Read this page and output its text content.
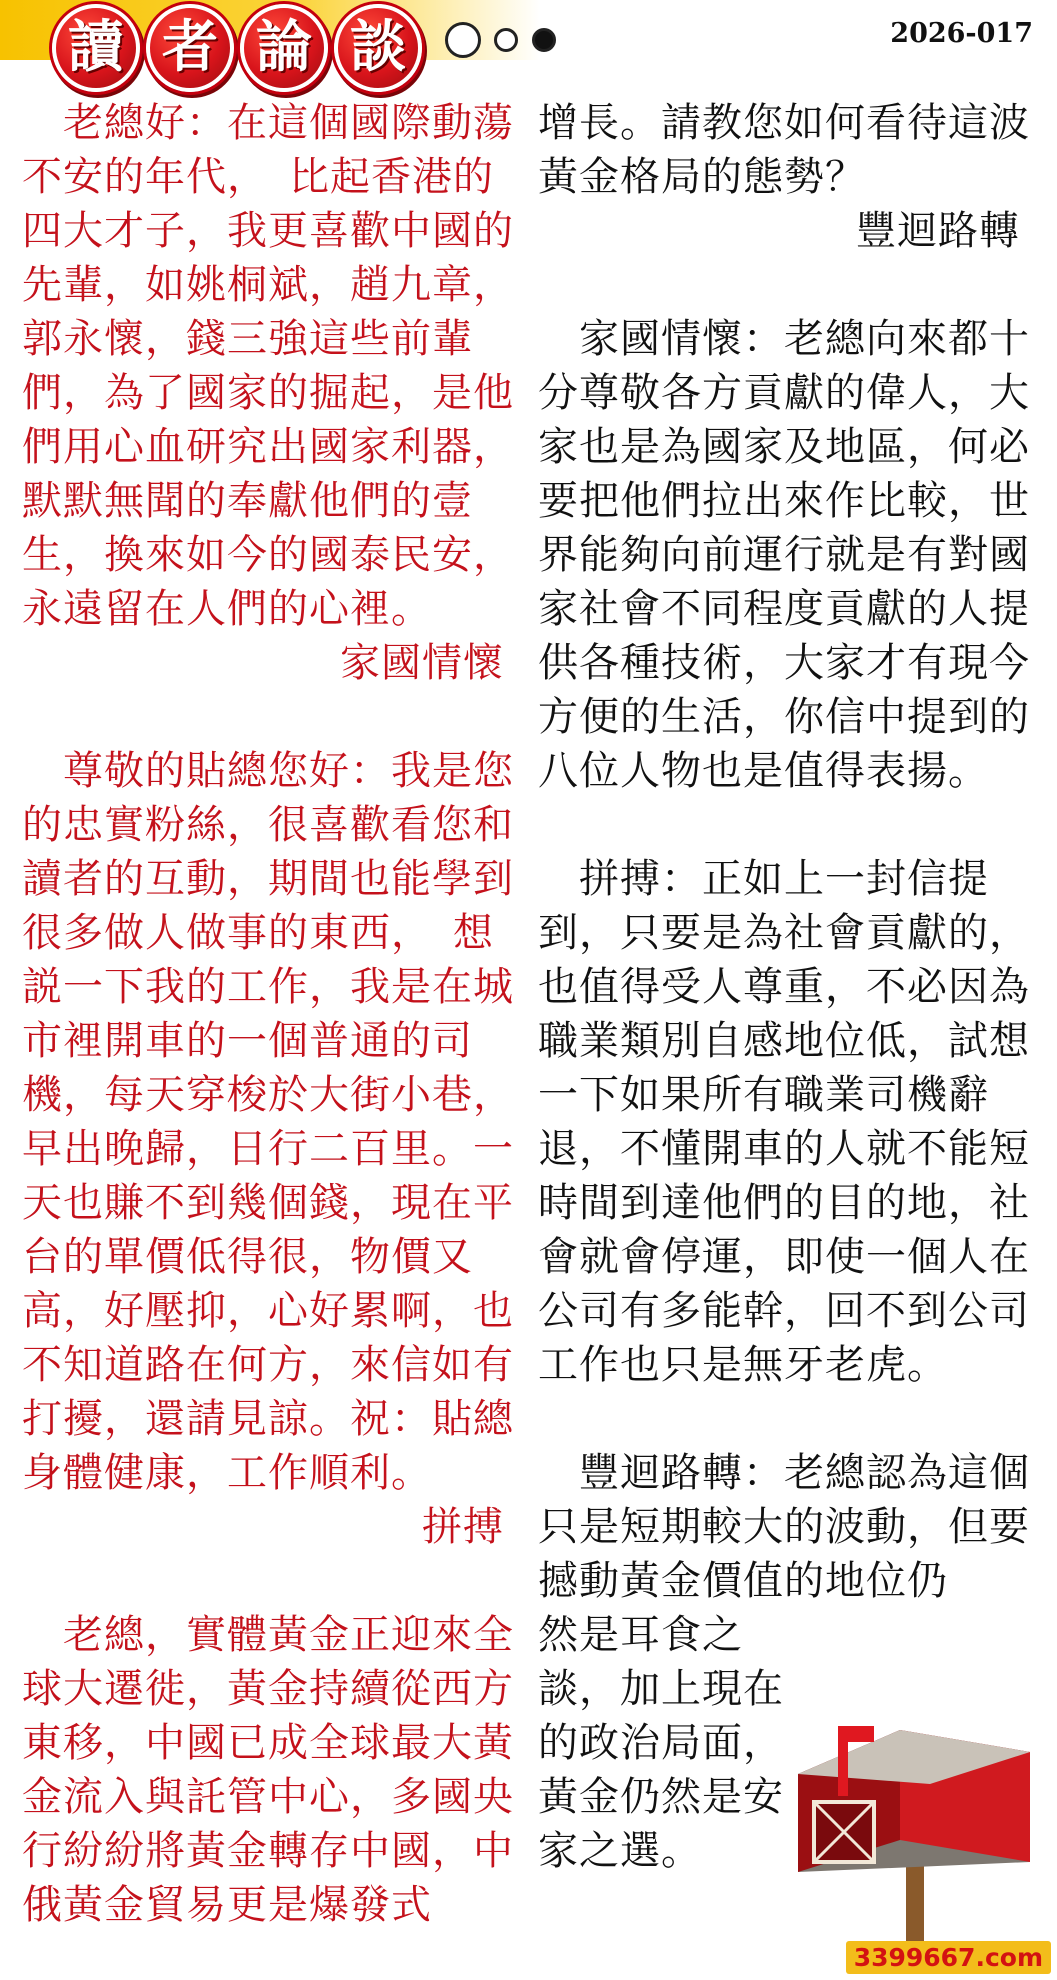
讀 者 論 談	2026-017

　老總好：在這個國際動蕩不安的年代，　比起香港的四大才子，我更喜歡中國的先輩，如姚桐斌，趙九章，郭永懷，錢三強這些前輩們，為了國家的掘起，是他們用心血研究出國家利器，默默無聞的奉獻他們的壹生，換來如今的國泰民安，永遠留在人們的心裡。

家國情懷

　尊敬的貼總您好：我是您的忠實粉絲，很喜歡看您和讀者的互動，期間也能學到很多做人做事的東西，　想説一下我的工作，我是在城市裡開車的一個普通的司機，每天穿梭於大街小巷，早出晚歸，日行二百里。一天也賺不到幾個錢，現在平台的單價低得很，物價又高，好壓抑，心好累啊，也不知道路在何方，來信如有打擾，還請見諒。祝：貼總身體健康，工作順利。

拼搏

　老總，實體黃金正迎來全球大遷徙，黃金持續從西方東移，中國已成全球最大黃金流入與託管中心，多國央行紛紛將黃金轉存中國，中俄黃金貿易更是爆發式

增長。請教您如何看待這波黃金格局的態勢？

豐迴路轉

　家國情懷：老總向來都十分尊敬各方貢獻的偉人，大家也是為國家及地區，何必要把他們拉出來作比較，世界能夠向前運行就是有對國家社會不同程度貢獻的人提供各種技術，大家才有現今方便的生活，你信中提到的八位人物也是值得表揚。

　拼搏：正如上一封信提到，只要是為社會貢獻的，也值得受人尊重，不必因為職業類別自感地位低，試想一下如果所有職業司機辭退，不懂開車的人就不能短時間到達他們的目的地，社會就會停運，即使一個人在公司有多能幹，回不到公司工作也只是無牙老虎。

　豐迴路轉：老總認為這個只是短期較大的波動，但要撼動黃金價值的地位仍

然是耳食之談，加上現在的政治局面，黃金仍然是安家之選。

3399667.com
